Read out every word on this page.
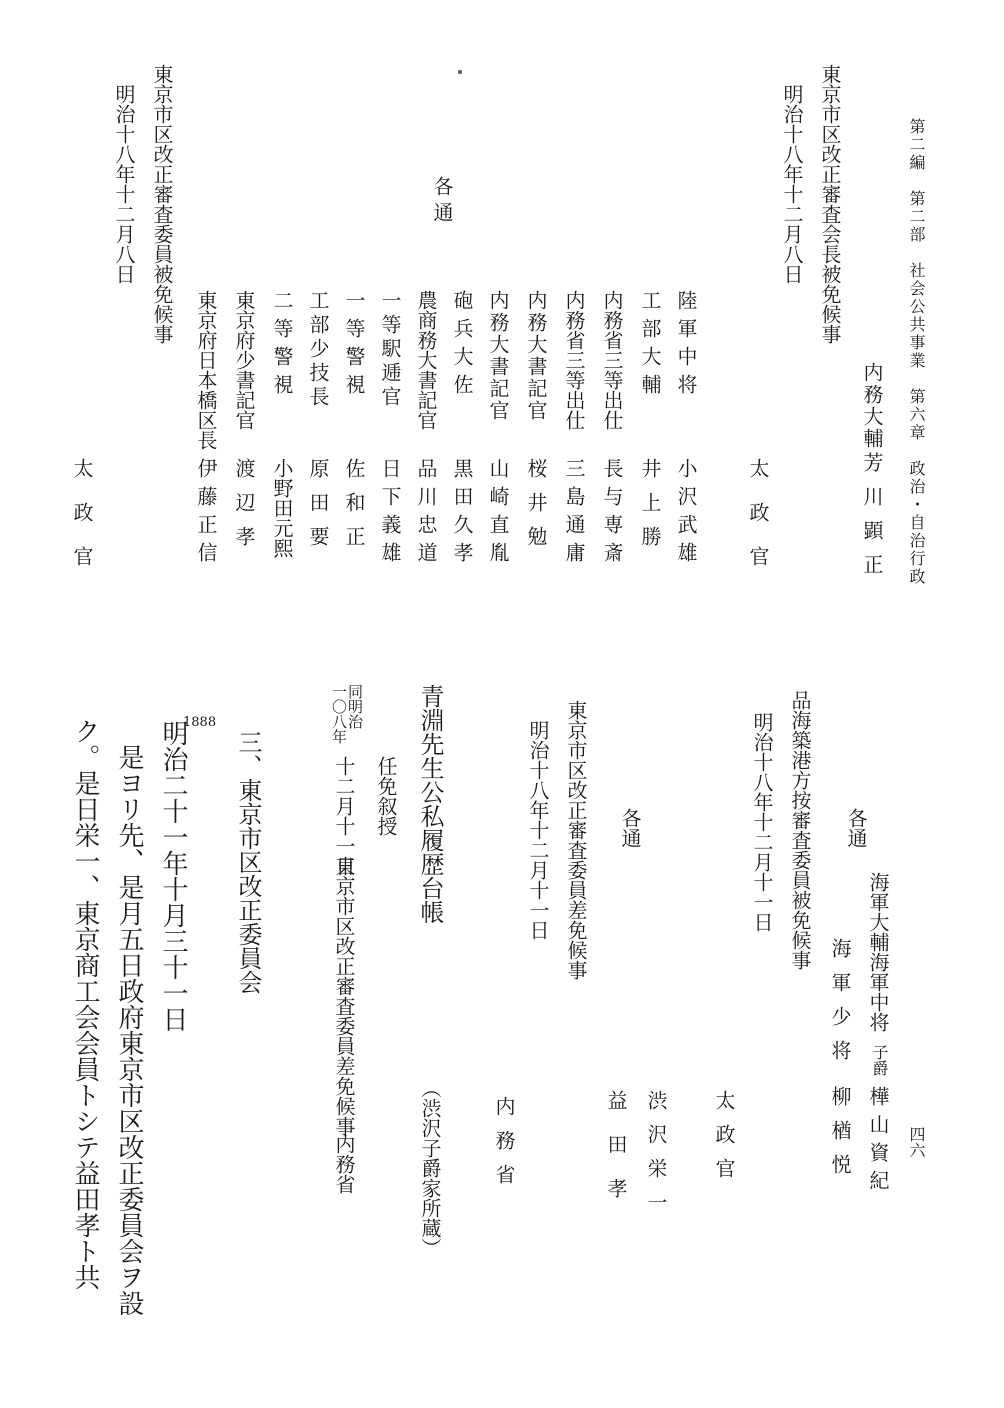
第二編　第二部　社会公共事業　第六章　政治・自治行政
四六
東京市区改正審査会長被免候事
明治十八年十二月八日
内務大輔
芳川顕正
太政官
各通
陸軍中将
小沢武雄
工部大輔
井上勝
内務省三等出仕
長与専斎
内務省三等出仕
三島通庸
内務大書記官
桜井勉
内務大書記官
山崎直胤
砲兵大佐
黒田久孝
農商務大書記官
品川忠道
一等駅逓官
日下義雄
一等警視
佐和正
工部少技長
原田要
二等警視
小野田元熙
東京府少書記官
渡辺孝
東京府日本橋区長
伊藤正信
東京市区改正審査委員被免候事
明治十八年十二月八日
太政官
海軍大輔海軍中将
子爵
樺山資紀
海軍少将
柳楢悦
各通
品海築港方按審査委員被免候事
明治十八年十二月十一日
太政官
渋沢栄一
益田孝
各通
東京市区改正審査委員差免候事
明治十八年十二月十一日
内務省
青淵先生公私履歴台帳
（渋沢子爵家所蔵）
任免叙授
同明治
一〇八年
十二月十一日
東京市区改正審査委員差免候事
内務省
三、東京市区改正委員会
1888
明治二十一年十月三十一日
是ヨリ先、是月五日政府東京市区改正委員会ヲ設
ク。是日栄一、東京商工会会員トシテ益田孝ト共
